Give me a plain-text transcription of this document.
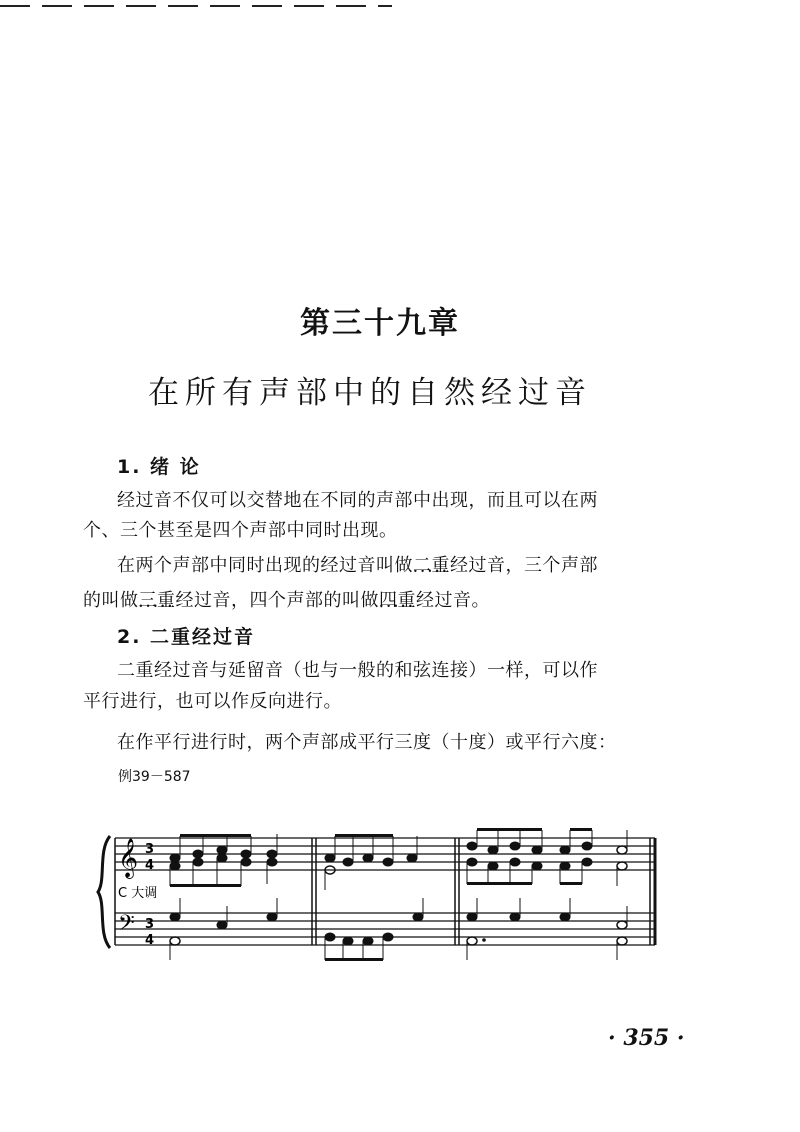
第三十九章
在所有声部中的自然经过音
1. 绪 论
经过音不仅可以交替地在不同的声部中出现，而且可以在两
个、三个甚至是四个声部中同时出现。
在两个声部中同时出现的经过音叫做二重经过音 • • •，三个声部
的叫做三重经过音 • • •，四个声部的叫做四重经过音 • • •。
2. 二重经过音
二重经过音与延留音（也与一般的和弦连接）一样，可以作
平行进行，也可以作反向进行。
在作平行进行时，两个声部成平行三度（十度）或平行六度：
例39－587
𝄞
𝄢
3
4
3
4
C 大调
· 355 ·
